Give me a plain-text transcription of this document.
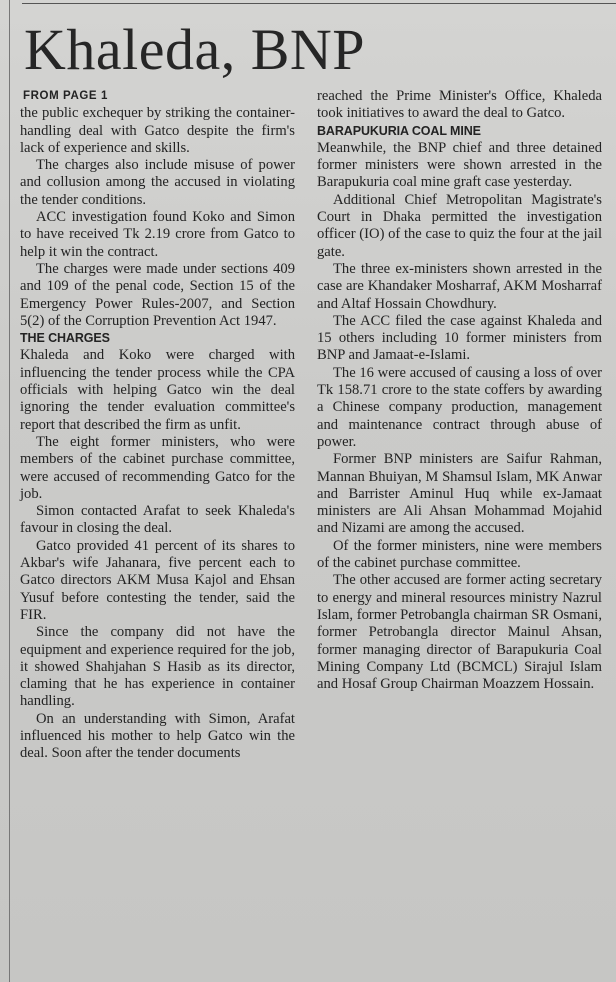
Khaleda, BNP
FROM PAGE 1

the public exchequer by striking the container-handling deal with Gatco despite the firm's lack of experience and skills.

The charges also include misuse of power and collusion among the accused in violating the tender conditions.

ACC investigation found Koko and Simon to have received Tk 2.19 crore from Gatco to help it win the contract.

The charges were made under sections 409 and 109 of the penal code, Section 15 of the Emergency Power Rules-2007, and Section 5(2) of the Corruption Prevention Act 1947.

THE CHARGES

Khaleda and Koko were charged with influencing the tender process while the CPA officials with helping Gatco win the deal ignoring the tender evaluation committee's report that described the firm as unfit.

The eight former ministers, who were members of the cabinet purchase committee, were accused of recommending Gatco for the job.

Simon contacted Arafat to seek Khaleda's favour in closing the deal.

Gatco provided 41 percent of its shares to Akbar's wife Jahanara, five percent each to Gatco directors AKM Musa Kajol and Ehsan Yusuf before contesting the tender, said the FIR.

Since the company did not have the equipment and experience required for the job, it showed Shahjahan S Hasib as its director, claming that he has experience in container handling.

On an understanding with Simon, Arafat influenced his mother to help Gatco win the deal. Soon after the tender documents

reached the Prime Minister's Office, Khaleda took initiatives to award the deal to Gatco.

BARAPUKURIA COAL MINE

Meanwhile, the BNP chief and three detained former ministers were shown arrested in the Barapukuria coal mine graft case yesterday.

Additional Chief Metropolitan Magistrate's Court in Dhaka permitted the investigation officer (IO) of the case to quiz the four at the jail gate.

The three ex-ministers shown arrested in the case are Khandaker Mosharraf, AKM Mosharraf and Altaf Hossain Chowdhury.

The ACC filed the case against Khaleda and 15 others including 10 former ministers from BNP and Jamaat-e-Islami.

The 16 were accused of causing a loss of over Tk 158.71 crore to the state coffers by awarding a Chinese company production, management and maintenance contract through abuse of power.

Former BNP ministers are Saifur Rahman, Mannan Bhuiyan, M Shamsul Islam, MK Anwar and Barrister Aminul Huq while ex-Jamaat ministers are Ali Ahsan Mohammad Mojahid and Nizami are among the accused.

Of the former ministers, nine were members of the cabinet purchase committee.

The other accused are former acting secretary to energy and mineral resources ministry Nazrul Islam, former Petrobangla chairman SR Osmani, former Petrobangla director Mainul Ahsan, former managing director of Barapukuria Coal Mining Company Ltd (BCMCL) Sirajul Islam and Hosaf Group Chairman Moazzem Hossain.
